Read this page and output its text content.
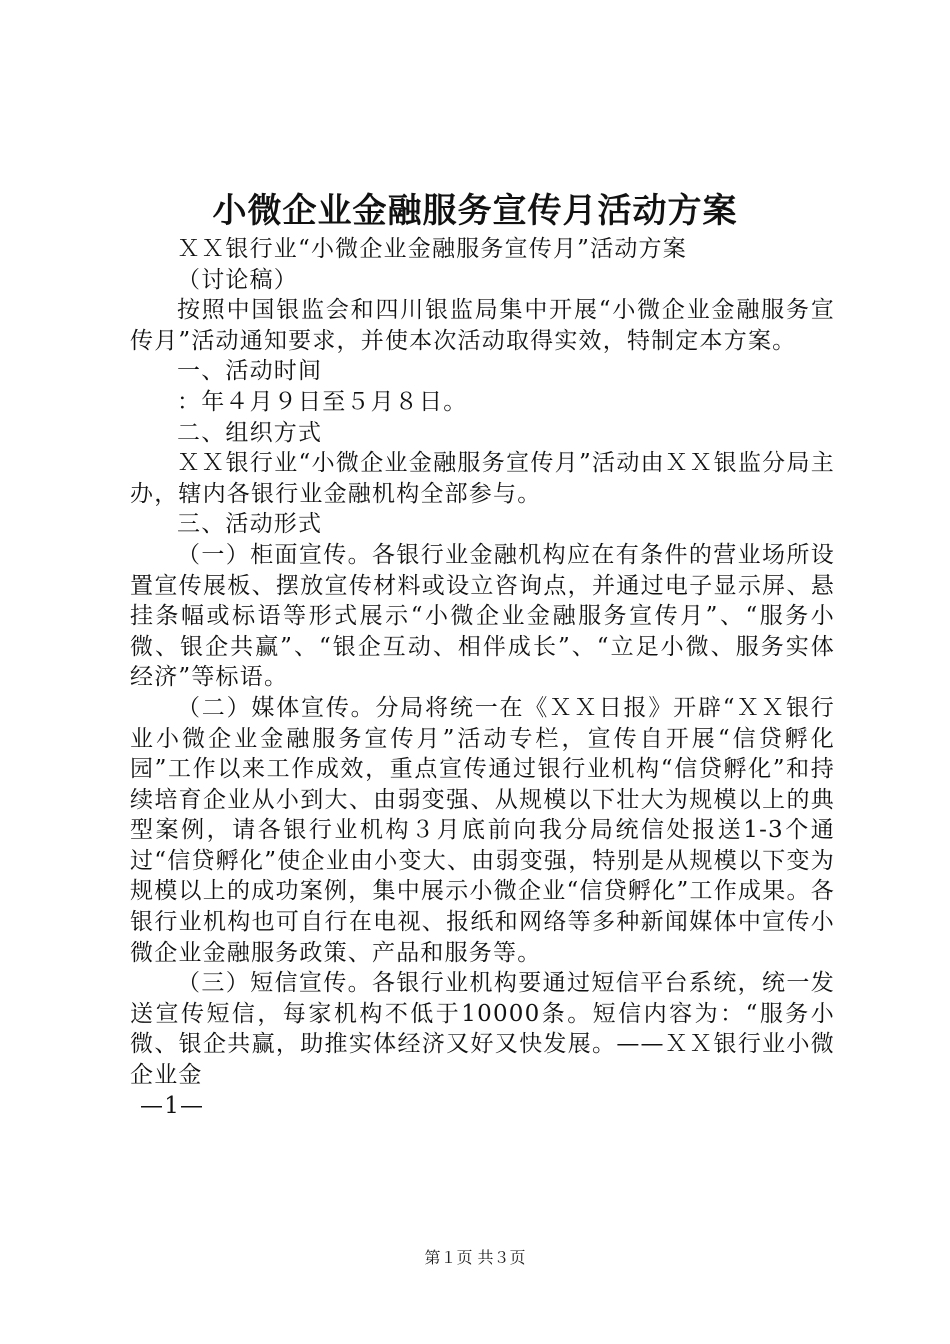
小微企业金融服务宣传月活动方案

ＸＸ银行业“小微企业金融服务宣传月”活动方案

（讨论稿）

按照中国银监会和四川银监局集中开展“小微企业金融服务宣传月”活动通知要求，并使本次活动取得实效，特制定本方案。

一、活动时间

：年４月９日至５月８日。

二、组织方式

ＸＸ银行业“小微企业金融服务宣传月”活动由ＸＸ银监分局主办，辖内各银行业金融机构全部参与。

三、活动形式

（一）柜面宣传。各银行业金融机构应在有条件的营业场所设置宣传展板、摆放宣传材料或设立咨询点，并通过电子显示屏、悬挂条幅或标语等形式展示“小微企业金融服务宣传月”、“服务小微、银企共赢”、“银企互动、相伴成长”、“立足小微、服务实体经济”等标语。

（二）媒体宣传。分局将统一在《ＸＸ日报》开辟“ＸＸ银行业小微企业金融服务宣传月”活动专栏，宣传自开展“信贷孵化园”工作以来工作成效，重点宣传通过银行业机构“信贷孵化”和持续培育企业从小到大、由弱变强、从规模以下壮大为规模以上的典型案例，请各银行业机构３月底前向我分局统信处报送1-3个通过“信贷孵化”使企业由小变大、由弱变强，特别是从规模以下变为规模以上的成功案例，集中展示小微企业“信贷孵化”工作成果。各银行业机构也可自行在电视、报纸和网络等多种新闻媒体中宣传小微企业金融服务政策、产品和服务等。

（三）短信宣传。各银行业机构要通过短信平台系统，统一发送宣传短信，每家机构不低于10000条。短信内容为：“服务小微、银企共赢，助推实体经济又好又快发展。——ＸＸ银行业小微企业金

—1—

第１页 共３页
